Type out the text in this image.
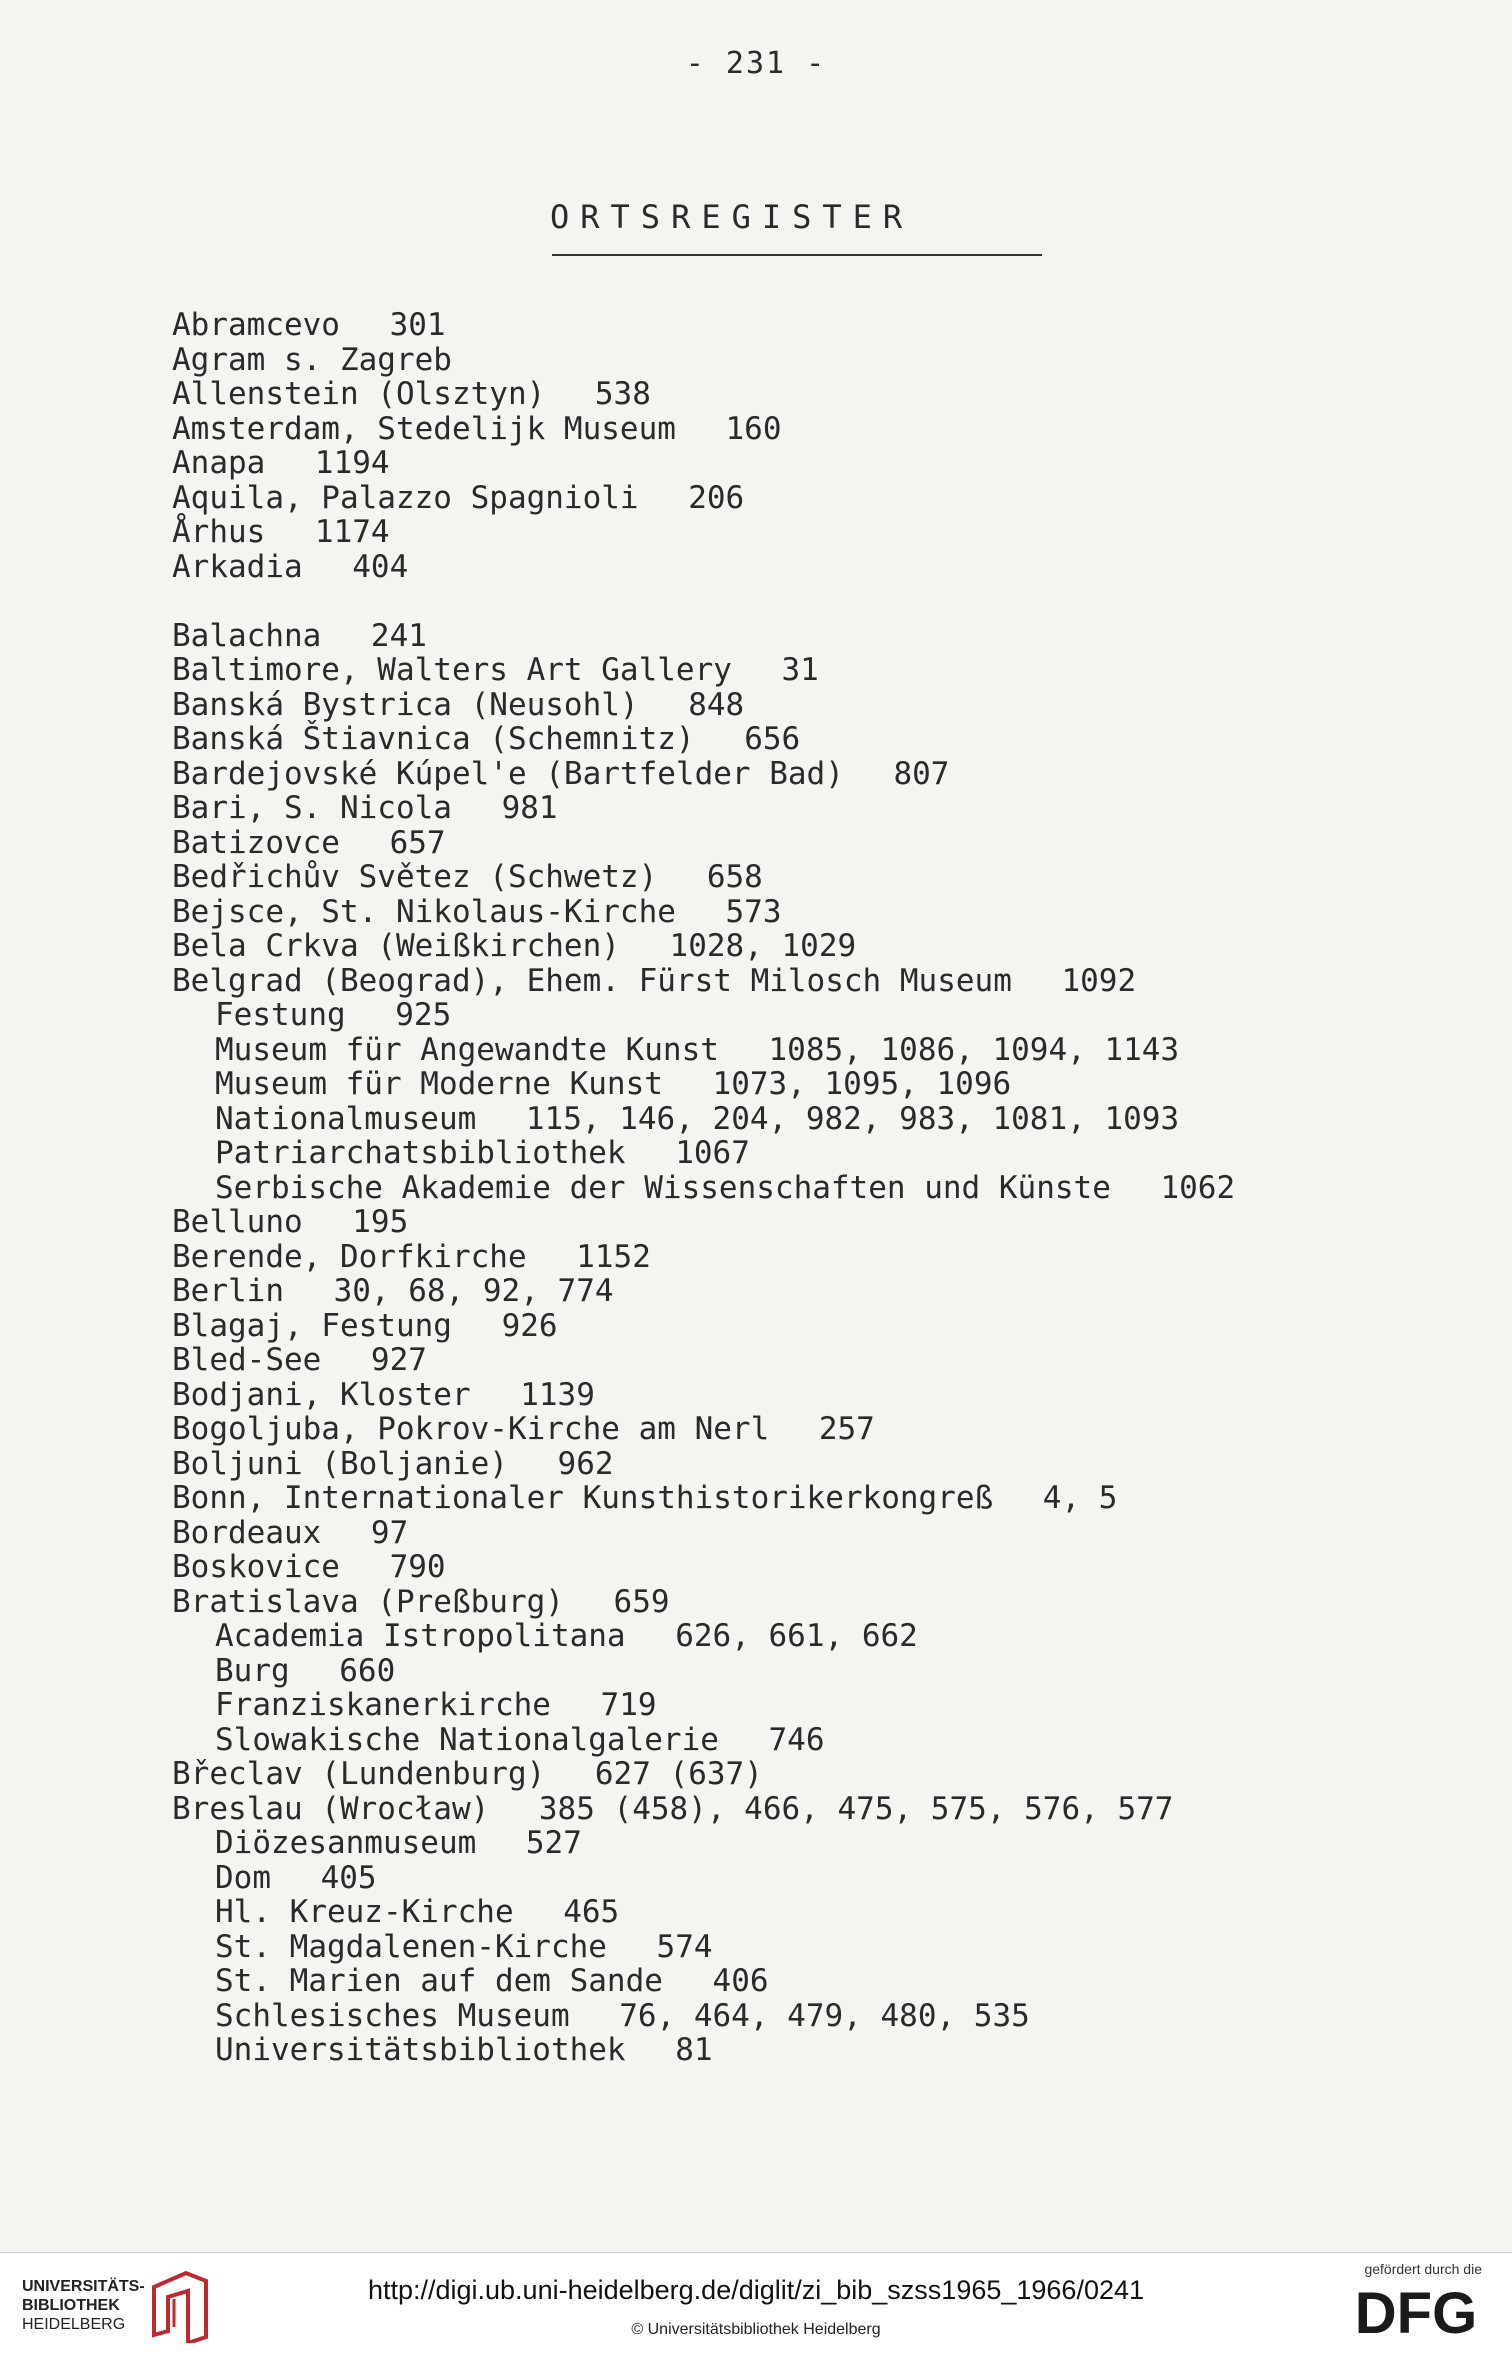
- 231 -
ORTSREGISTER
Abramcevo 301
Agram s. Zagreb
Allenstein (Olsztyn) 538
Amsterdam, Stedelijk Museum 160
Anapa 1194
Aquila, Palazzo Spagnioli 206
Århus 1174
Arkadia 404
Balachna 241
Baltimore, Walters Art Gallery 31
Banská Bystrica (Neusohl) 848
Banská Štiavnica (Schemnitz) 656
Bardejovské Kúpel'e (Bartfelder Bad) 807
Bari, S. Nicola 981
Batizovce 657
Bedřichův Světez (Schwetz) 658
Bejsce, St. Nikolaus-Kirche 573
Bela Crkva (Weißkirchen) 1028, 1029
Belgrad (Beograd), Ehem. Fürst Milosch Museum 1092
Festung 925
Museum für Angewandte Kunst 1085, 1086, 1094, 1143
Museum für Moderne Kunst 1073, 1095, 1096
Nationalmuseum 115, 146, 204, 982, 983, 1081, 1093
Patriarchatsbibliothek 1067
Serbische Akademie der Wissenschaften und Künste 1062
Belluno 195
Berende, Dorfkirche 1152
Berlin 30, 68, 92, 774
Blagaj, Festung 926
Bled-See 927
Bodjani, Kloster 1139
Bogoljuba, Pokrov-Kirche am Nerl 257
Boljuni (Boljanie) 962
Bonn, Internationaler Kunsthistorikerkongreß 4, 5
Bordeaux 97
Boskovice 790
Bratislava (Preßburg) 659
Academia Istropolitana 626, 661, 662
Burg 660
Franziskanerkirche 719
Slowakische Nationalgalerie 746
Břeclav (Lundenburg) 627 (637)
Breslau (Wrocław) 385 (458), 466, 475, 575, 576, 577
Diözesanmuseum 527
Dom 405
Hl. Kreuz-Kirche 465
St. Magdalenen-Kirche 574
St. Marien auf dem Sande 406
Schlesisches Museum 76, 464, 479, 480, 535
Universitätsbibliothek 81
UNIVERSITÄTS-
BIBLIOTHEK
HEIDELBERG
http://digi.ub.uni-heidelberg.de/diglit/zi_bib_szss1965_1966/0241
© Universitätsbibliothek Heidelberg
gefördert durch die
DFG
